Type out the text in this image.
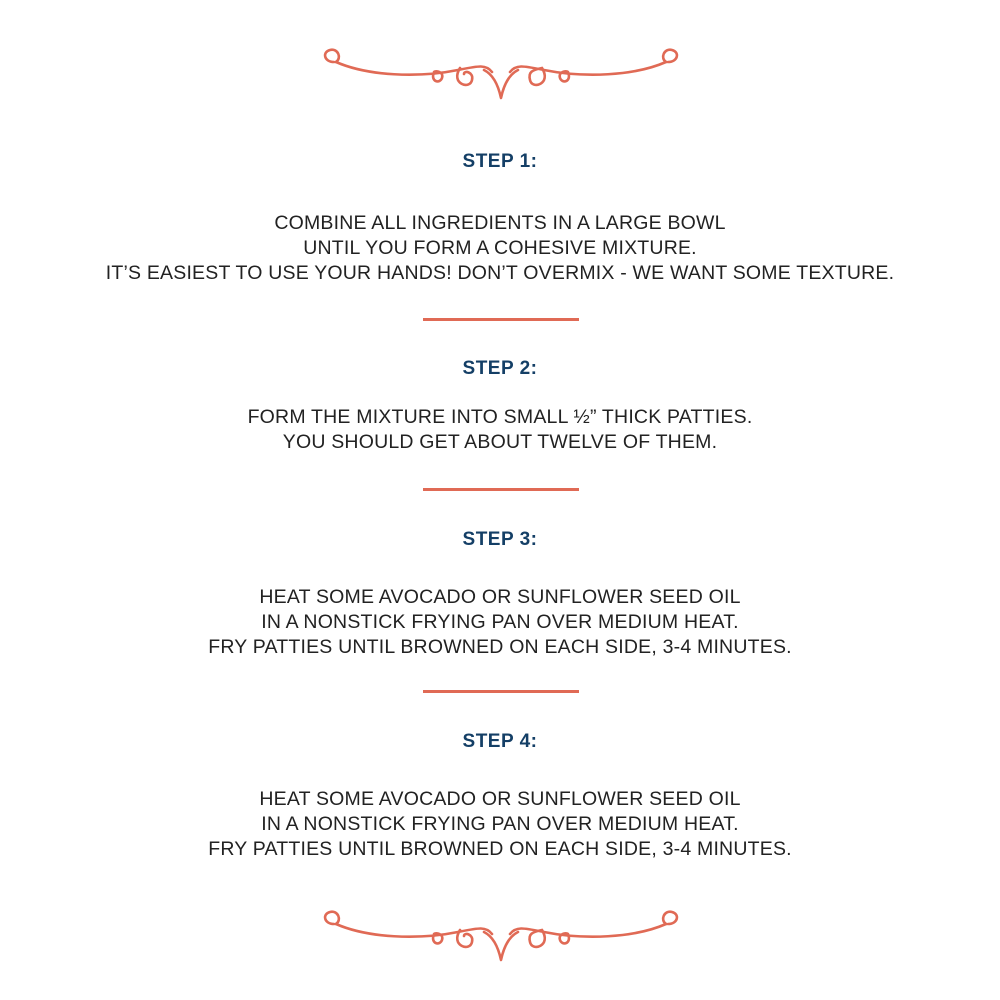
STEP 1:
COMBINE ALL INGREDIENTS IN A LARGE BOWL
UNTIL YOU FORM A COHESIVE MIXTURE.
IT’S EASIEST TO USE YOUR HANDS! DON’T OVERMIX - WE WANT SOME TEXTURE.
STEP 2:
FORM THE MIXTURE INTO SMALL ½” THICK PATTIES.
YOU SHOULD GET ABOUT TWELVE OF THEM.
STEP 3:
HEAT SOME AVOCADO OR SUNFLOWER SEED OIL
IN A NONSTICK FRYING PAN OVER MEDIUM HEAT.
FRY PATTIES UNTIL BROWNED ON EACH SIDE, 3-4 MINUTES.
STEP 4:
HEAT SOME AVOCADO OR SUNFLOWER SEED OIL
IN A NONSTICK FRYING PAN OVER MEDIUM HEAT.
FRY PATTIES UNTIL BROWNED ON EACH SIDE, 3-4 MINUTES.
